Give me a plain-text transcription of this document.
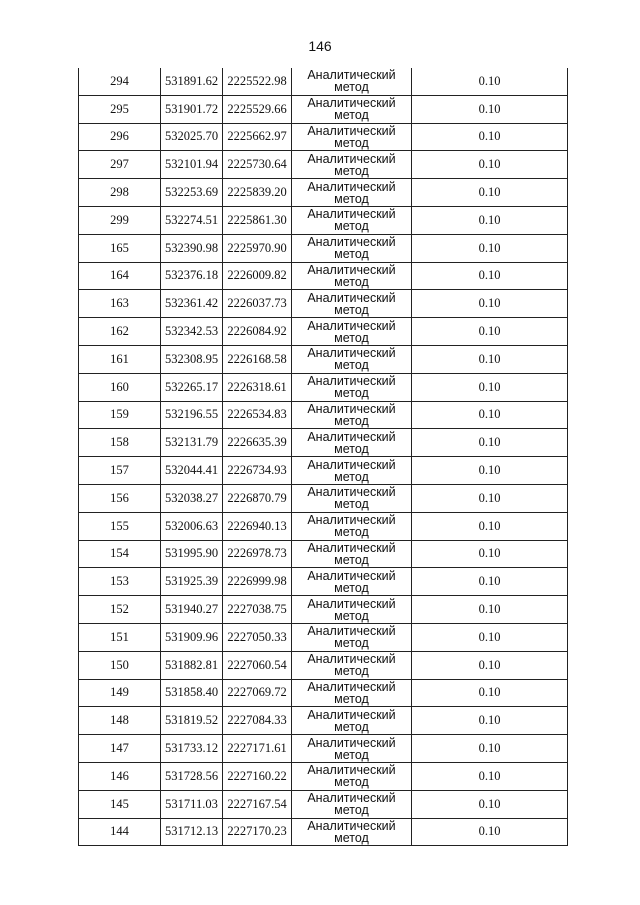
146
294	531891.62	2225522.98	Аналитический
метод	0.10
295	531901.72	2225529.66	Аналитический
метод	0.10
296	532025.70	2225662.97	Аналитический
метод	0.10
297	532101.94	2225730.64	Аналитический
метод	0.10
298	532253.69	2225839.20	Аналитический
метод	0.10
299	532274.51	2225861.30	Аналитический
метод	0.10
165	532390.98	2225970.90	Аналитический
метод	0.10
164	532376.18	2226009.82	Аналитический
метод	0.10
163	532361.42	2226037.73	Аналитический
метод	0.10
162	532342.53	2226084.92	Аналитический
метод	0.10
161	532308.95	2226168.58	Аналитический
метод	0.10
160	532265.17	2226318.61	Аналитический
метод	0.10
159	532196.55	2226534.83	Аналитический
метод	0.10
158	532131.79	2226635.39	Аналитический
метод	0.10
157	532044.41	2226734.93	Аналитический
метод	0.10
156	532038.27	2226870.79	Аналитический
метод	0.10
155	532006.63	2226940.13	Аналитический
метод	0.10
154	531995.90	2226978.73	Аналитический
метод	0.10
153	531925.39	2226999.98	Аналитический
метод	0.10
152	531940.27	2227038.75	Аналитический
метод	0.10
151	531909.96	2227050.33	Аналитический
метод	0.10
150	531882.81	2227060.54	Аналитический
метод	0.10
149	531858.40	2227069.72	Аналитический
метод	0.10
148	531819.52	2227084.33	Аналитический
метод	0.10
147	531733.12	2227171.61	Аналитический
метод	0.10
146	531728.56	2227160.22	Аналитический
метод	0.10
145	531711.03	2227167.54	Аналитический
метод	0.10
144	531712.13	2227170.23	Аналитический
метод	0.10
